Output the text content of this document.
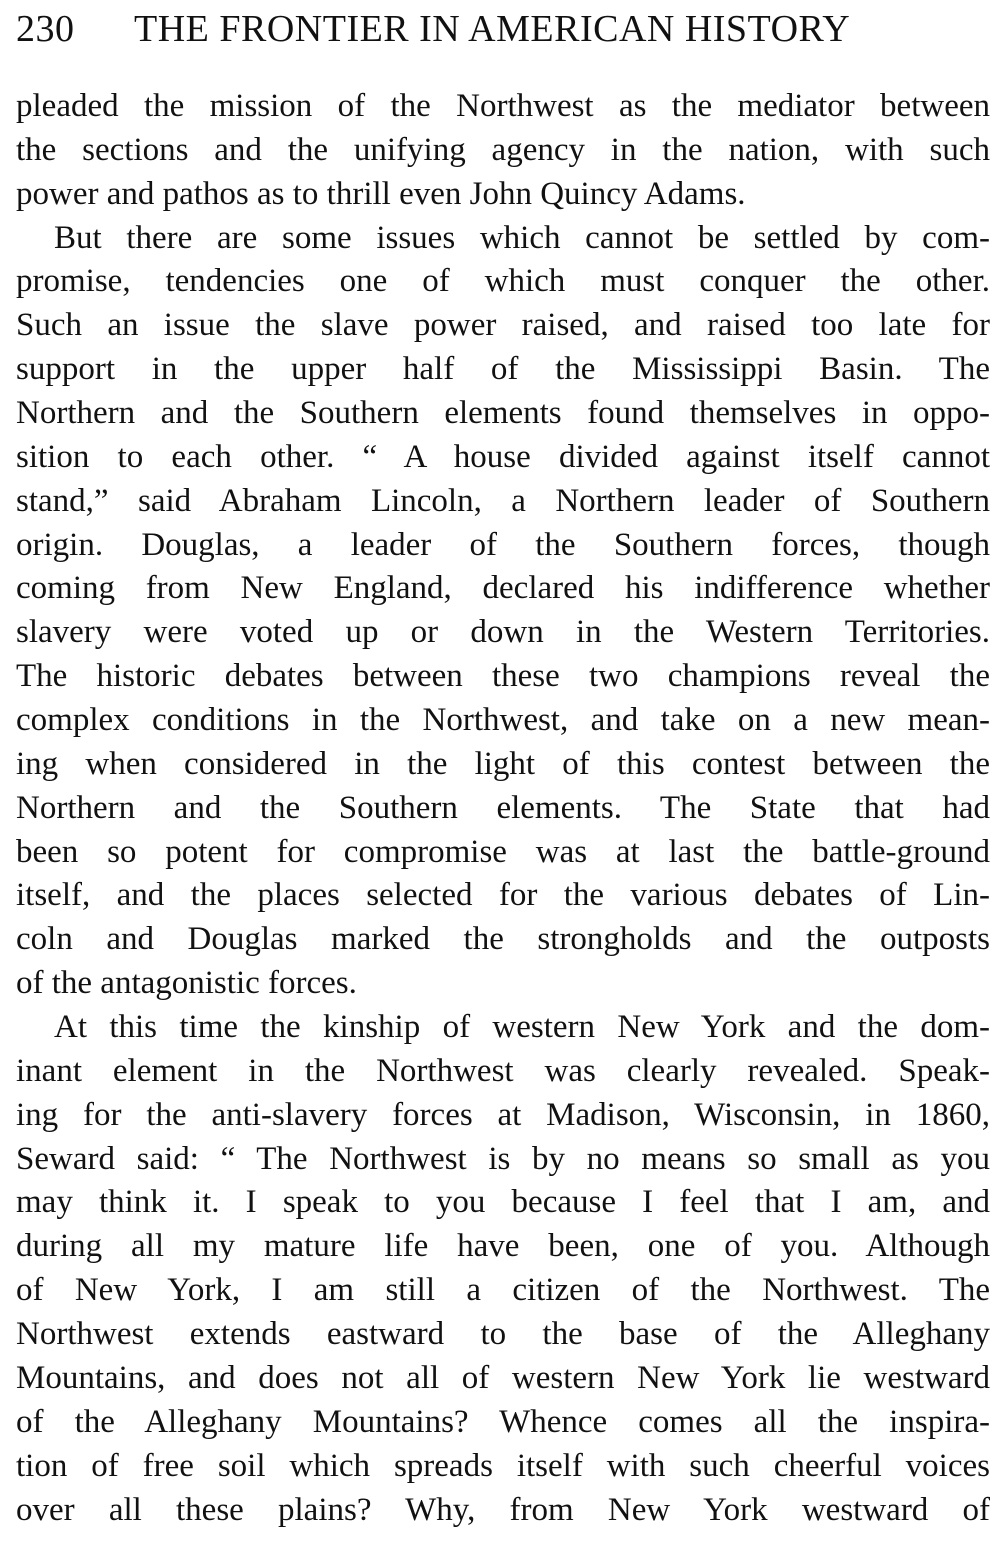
230 THE FRONTIER IN AMERICAN HISTORY
pleaded the mission of the Northwest as the mediator between
the sections and the unifying agency in the nation, with such
power and pathos as to thrill even John Quincy Adams.
But there are some issues which cannot be settled by com-
promise, tendencies one of which must conquer the other.
Such an issue the slave power raised, and raised too late for
support in the upper half of the Mississippi Basin. The
Northern and the Southern elements found themselves in oppo-
sition to each other. “ A house divided against itself cannot
stand,” said Abraham Lincoln, a Northern leader of Southern
origin. Douglas, a leader of the Southern forces, though
coming from New England, declared his indifference whether
slavery were voted up or down in the Western Territories.
The historic debates between these two champions reveal the
complex conditions in the Northwest, and take on a new mean-
ing when considered in the light of this contest between the
Northern and the Southern elements. The State that had
been so potent for compromise was at last the battle-ground
itself, and the places selected for the various debates of Lin-
coln and Douglas marked the strongholds and the outposts
of the antagonistic forces.
At this time the kinship of western New York and the dom-
inant element in the Northwest was clearly revealed. Speak-
ing for the anti-slavery forces at Madison, Wisconsin, in 1860,
Seward said: “ The Northwest is by no means so small as you
may think it. I speak to you because I feel that I am, and
during all my mature life have been, one of you. Although
of New York, I am still a citizen of the Northwest. The
Northwest extends eastward to the base of the Alleghany
Mountains, and does not all of western New York lie westward
of the Alleghany Mountains? Whence comes all the inspira-
tion of free soil which spreads itself with such cheerful voices
over all these plains? Why, from New York westward of
